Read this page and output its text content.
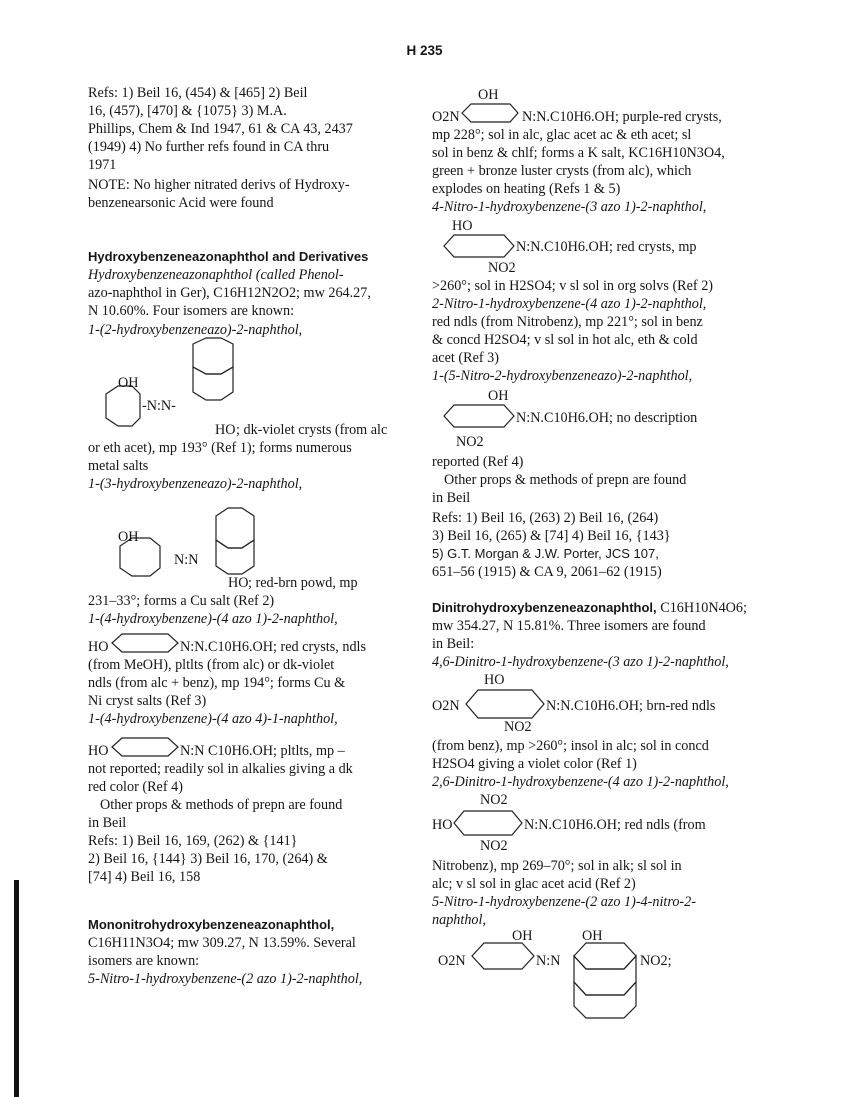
H 235

Refs: 1) Beil 16, (454) & [465] 2) Beil

16, (457), [470] & {1075} 3) M.A.

Phillips, Chem & Ind 1947, 61 & CA 43, 2437

(1949) 4) No further refs found in CA thru

1971

NOTE: No higher nitrated derivs of Hydroxy-

benzenearsonic Acid were found

Hydroxybenzeneazonaphthol and Derivatives

Hydroxybenzeneazonaphthol (called Phenol-

azo-naphthol in Ger), C16H12N2O2; mw 264.27,

N 10.60%. Four isomers are known:

1-(2-hydroxybenzeneazo)-2-naphthol,

OH
-N:N-
HO ; dk-violet crysts (from alc

or eth acet), mp 193° (Ref 1); forms numerous

metal salts

1-(3-hydroxybenzeneazo)-2-naphthol,

OH
N:N
HO ; red-brn powd, mp

231–33°; forms a Cu salt (Ref 2)

1-(4-hydroxybenzene)-(4 azo 1)-2-naphthol,

HO	N:N.C10H6.OH; red crysts, ndls

(from MeOH), pltlts (from alc) or dk-violet

ndls (from alc + benz), mp 194°; forms Cu &

Ni cryst salts (Ref 3)

1-(4-hydroxybenzene)-(4 azo 4)-1-naphthol,

HO	N:N C10H6.OH; pltlts, mp –

not reported; readily sol in alkalies giving a dk

red color (Ref 4)

Other props & methods of prepn are found

in Beil

Refs: 1) Beil 16, 169, (262) & {141}

2) Beil 16, {144} 3) Beil 16, 170, (264) &

[74] 4) Beil 16, 158

Mononitrohydroxybenzeneazonaphthol,

C16H11N3O4; mw 309.27, N 13.59%. Several

isomers are known:

5-Nitro-1-hydroxybenzene-(2 azo 1)-2-naphthol,

OH
O2N	N:N.C10H6.OH; purple-red crysts,

mp 228°; sol in alc, glac acet ac & eth acet; sl

sol in benz & chlf; forms a K salt, KC16H10N3O4,

green + bronze luster crysts (from alc), which

explodes on heating (Refs 1 & 5)

4-Nitro-1-hydroxybenzene-(3 azo 1)-2-naphthol,

HO
N:N.C10H6.OH; red crysts, mp
NO2

>260°; sol in H2SO4; v sl sol in org solvs (Ref 2)

2-Nitro-1-hydroxybenzene-(4 azo 1)-2-naphthol,

red ndls (from Nitrobenz), mp 221°; sol in benz

& concd H2SO4; v sl sol in hot alc, eth & cold

acet (Ref 3)

1-(5-Nitro-2-hydroxybenzeneazo)-2-naphthol,

OH
N:N.C10H6.OH; no description
NO2

reported (Ref 4)

Other props & methods of prepn are found

in Beil

Refs: 1) Beil 16, (263) 2) Beil 16, (264)

3) Beil 16, (265) & [74] 4) Beil 16, {143}

5) G.T. Morgan & J.W. Porter, JCS 107,

651–56 (1915) & CA 9, 2061–62 (1915)

Dinitrohydroxybenzeneazonaphthol, C16H10N4O6;

mw 354.27, N 15.81%. Three isomers are found

in Beil:

4,6-Dinitro-1-hydroxybenzene-(3 azo 1)-2-naphthol,

HO
O2N	N:N.C10H6.OH; brn-red ndls
NO2

(from benz), mp >260°; insol in alc; sol in concd

H2SO4 giving a violet color (Ref 1)

2,6-Dinitro-1-hydroxybenzene-(4 azo 1)-2-naphthol,

NO2
HO	N:N.C10H6.OH; red ndls (from
NO2

Nitrobenz), mp 269–70°; sol in alk; sl sol in

alc; v sl sol in glac acet acid (Ref 2)

5-Nitro-1-hydroxybenzene-(2 azo 1)-4-nitro-2-

naphthol,

OH	OH
O2N	N:N	NO2;
